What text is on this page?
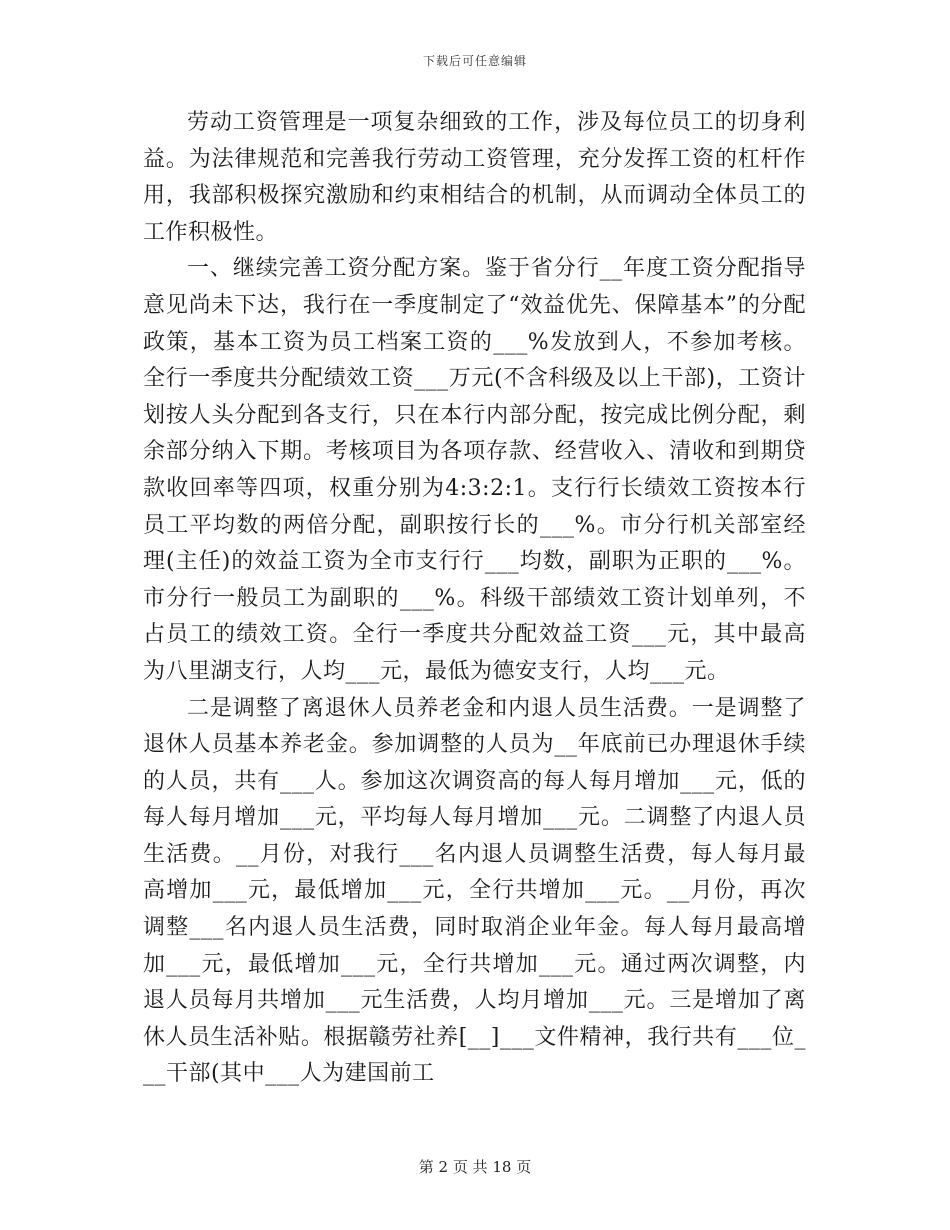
下载后可任意编辑

劳动工资管理是一项复杂细致的工作，涉及每位员工的切身利益。为法律规范和完善我行劳动工资管理，充分发挥工资的杠杆作用，我部积极探究激励和约束相结合的机制，从而调动全体员工的工作积极性。

一、继续完善工资分配方案。鉴于省分行__年度工资分配指导意见尚未下达，我行在一季度制定了“效益优先、保障基本”的分配政策，基本工资为员工档案工资的___%发放到人，不参加考核。全行一季度共分配绩效工资___万元(不含科级及以上干部)，工资计划按人头分配到各支行，只在本行内部分配，按完成比例分配，剩余部分纳入下期。考核项目为各项存款、经营收入、清收和到期贷款收回率等四项，权重分别为4:3:2:1。支行行长绩效工资按本行员工平均数的两倍分配，副职按行长的___%。市分行机关部室经理(主任)的效益工资为全市支行行___均数，副职为正职的___%。市分行一般员工为副职的___%。科级干部绩效工资计划单列，不占员工的绩效工资。全行一季度共分配效益工资___元，其中最高为八里湖支行，人均___元，最低为德安支行，人均___元。

二是调整了离退休人员养老金和内退人员生活费。一是调整了退休人员基本养老金。参加调整的人员为__年底前已办理退休手续的人员，共有___人。参加这次调资高的每人每月增加___元，低的每人每月增加___元，平均每人每月增加___元。二调整了内退人员生活费。__月份，对我行___名内退人员调整生活费，每人每月最高增加___元，最低增加___元，全行共增加___元。__月份，再次调整___名内退人员生活费，同时取消企业年金。每人每月最高增加___元，最低增加___元，全行共增加___元。通过两次调整，内退人员每月共增加___元生活费，人均月增加___元。三是增加了离休人员生活补贴。根据赣劳社养[__]___文件精神，我行共有___位___干部(其中___人为建国前工

第 2 页 共 18 页
